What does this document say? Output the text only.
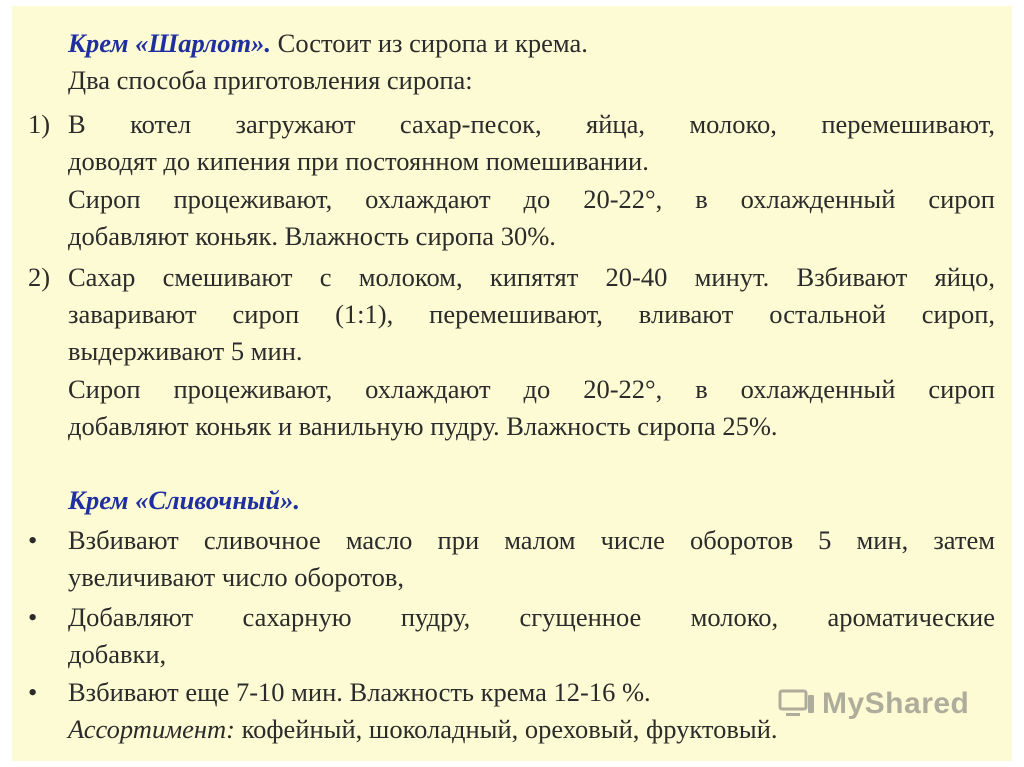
Крем «Шарлот». Состоит из сиропа и крема.
Два способа приготовления сиропа:
1) В котел загружают сахар-песок, яйца, молоко, перемешивают,
доводят до кипения при постоянном помешивании.
Сироп процеживают, охлаждают до 20-22°, в охлажденный сироп
добавляют коньяк. Влажность сиропа 30%.
2) Сахар смешивают с молоком, кипятят 20-40 минут. Взбивают яйцо,
заваривают сироп (1:1), перемешивают, вливают остальной сироп,
выдерживают 5 мин.
Сироп процеживают, охлаждают до 20-22°, в охлажденный сироп
добавляют коньяк и ванильную пудру. Влажность сиропа 25%.
Крем «Сливочный».
• Взбивают сливочное масло при малом числе оборотов 5 мин, затем
увеличивают число оборотов,
• Добавляют сахарную пудру, сгущенное молоко, ароматические
добавки,
• Взбивают еще 7-10 мин. Влажность крема 12-16 %.
Ассортимент: кофейный, шоколадный, ореховый, фруктовый.
MyShared
